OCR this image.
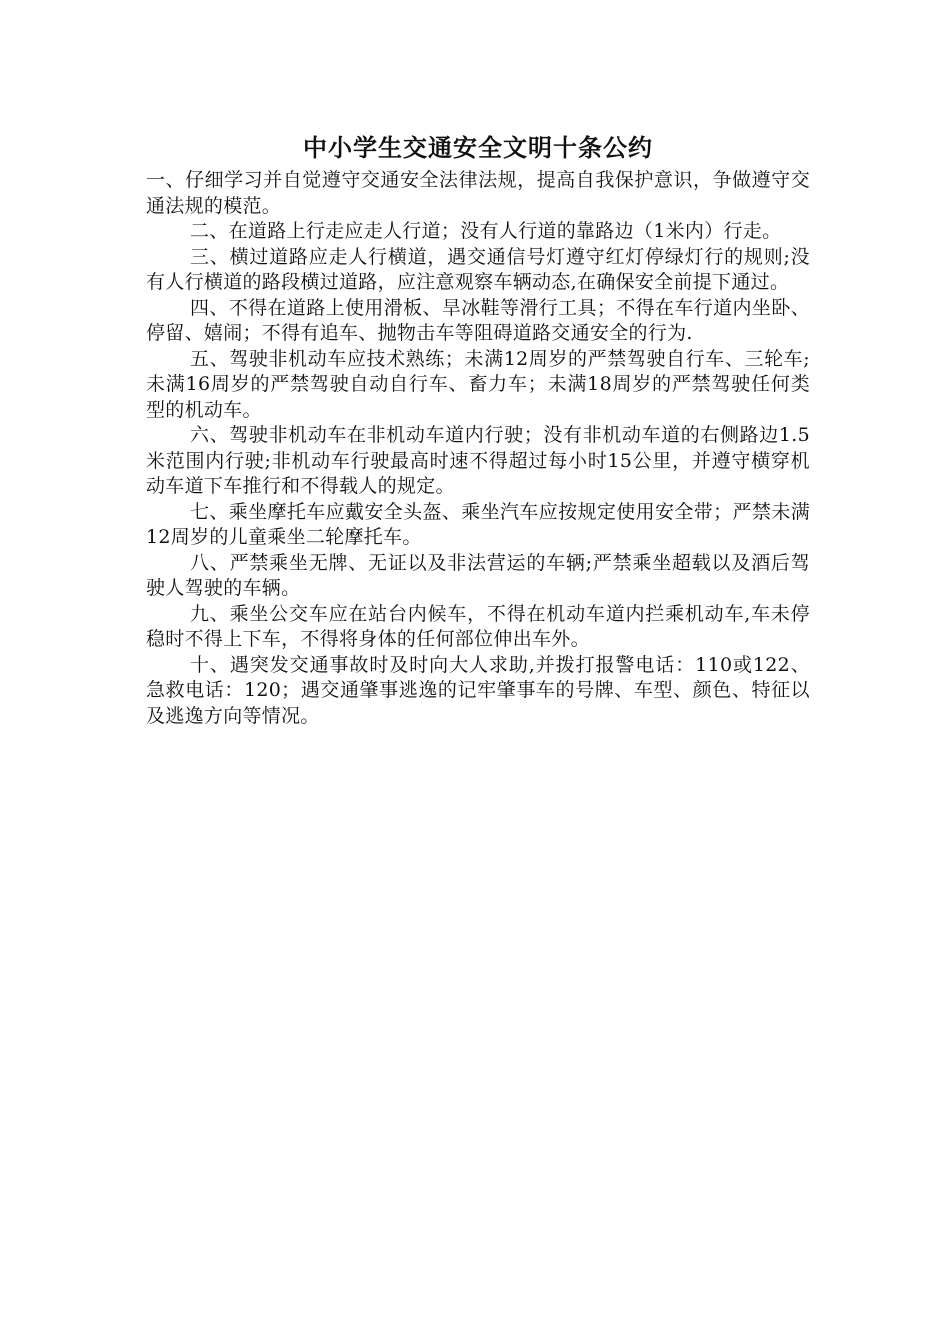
中小学生交通安全文明十条公约

一、仔细学习并自觉遵守交通安全法律法规，提高自我保护意识，争做遵守交通法规的模范。

二、在道路上行走应走人行道；没有人行道的靠路边（1米内）行走。

三、横过道路应走人行横道，遇交通信号灯遵守红灯停绿灯行的规则;没有人行横道的路段横过道路，应注意观察车辆动态,在确保安全前提下通过。

四、不得在道路上使用滑板、旱冰鞋等滑行工具；不得在车行道内坐卧、停留、嬉闹；不得有追车、抛物击车等阻碍道路交通安全的行为.

五、驾驶非机动车应技术熟练；未满12周岁的严禁驾驶自行车、三轮车;未满16周岁的严禁驾驶自动自行车、畜力车；未满18周岁的严禁驾驶任何类型的机动车。

六、驾驶非机动车在非机动车道内行驶；没有非机动车道的右侧路边1.5米范围内行驶;非机动车行驶最高时速不得超过每小时15公里，并遵守横穿机动车道下车推行和不得载人的规定。

七、乘坐摩托车应戴安全头盔、乘坐汽车应按规定使用安全带；严禁未满12周岁的儿童乘坐二轮摩托车。

八、严禁乘坐无牌、无证以及非法营运的车辆;严禁乘坐超载以及酒后驾驶人驾驶的车辆。

九、乘坐公交车应在站台内候车，不得在机动车道内拦乘机动车,车未停稳时不得上下车，不得将身体的任何部位伸出车外。

十、遇突发交通事故时及时向大人求助,并拨打报警电话：110或122、急救电话：120；遇交通肇事逃逸的记牢肇事车的号牌、车型、颜色、特征以及逃逸方向等情况。
